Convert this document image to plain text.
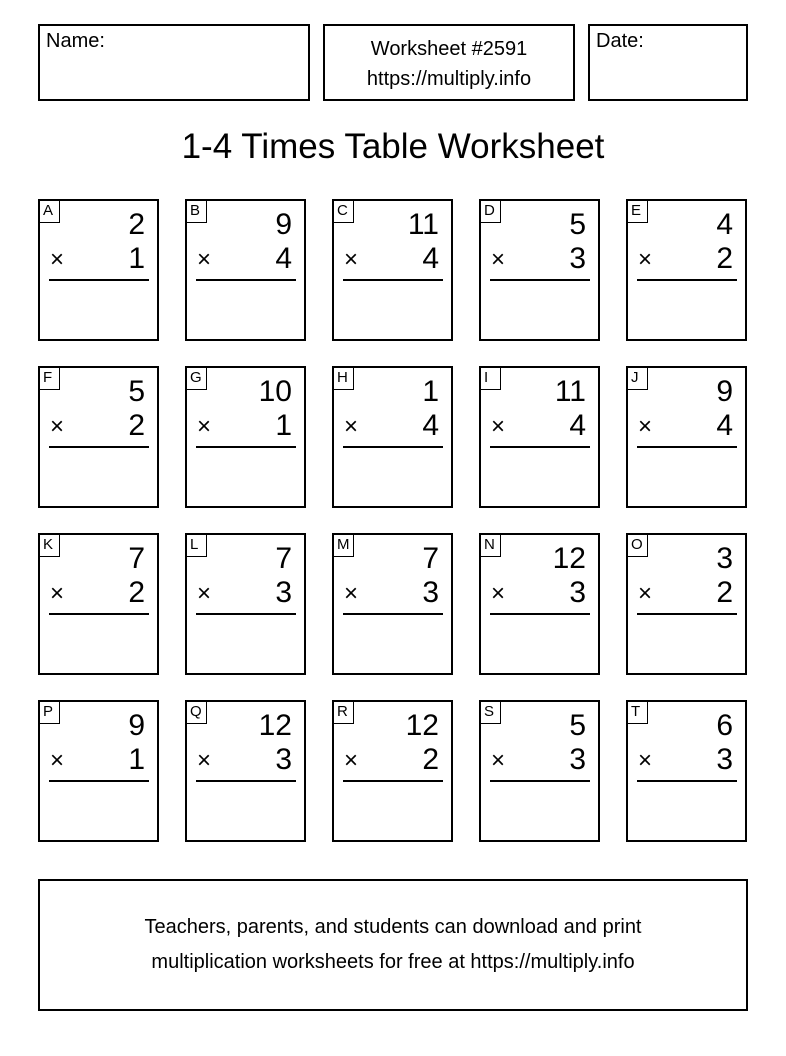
Name:	Worksheet #2591
https://multiply.info
Date:
1-4 Times Table Worksheet
A	2
× 1
B	9
× 4
C 11
× 4
D 5
× 3
E	4
× 2
F	5
× 2
G 10
× 1
H 1
× 4
I	11
× 4
J	9
× 4
K	7
× 2
L	7
× 3
M 7
× 3
N 12
× 3
O 3
× 2
P	9
× 1
Q 12
× 3
R 12
× 2
S	5
× 3
T	6
× 3
Teachers, parents, and students can download and print
multiplication worksheets for free at https://multiply.info
